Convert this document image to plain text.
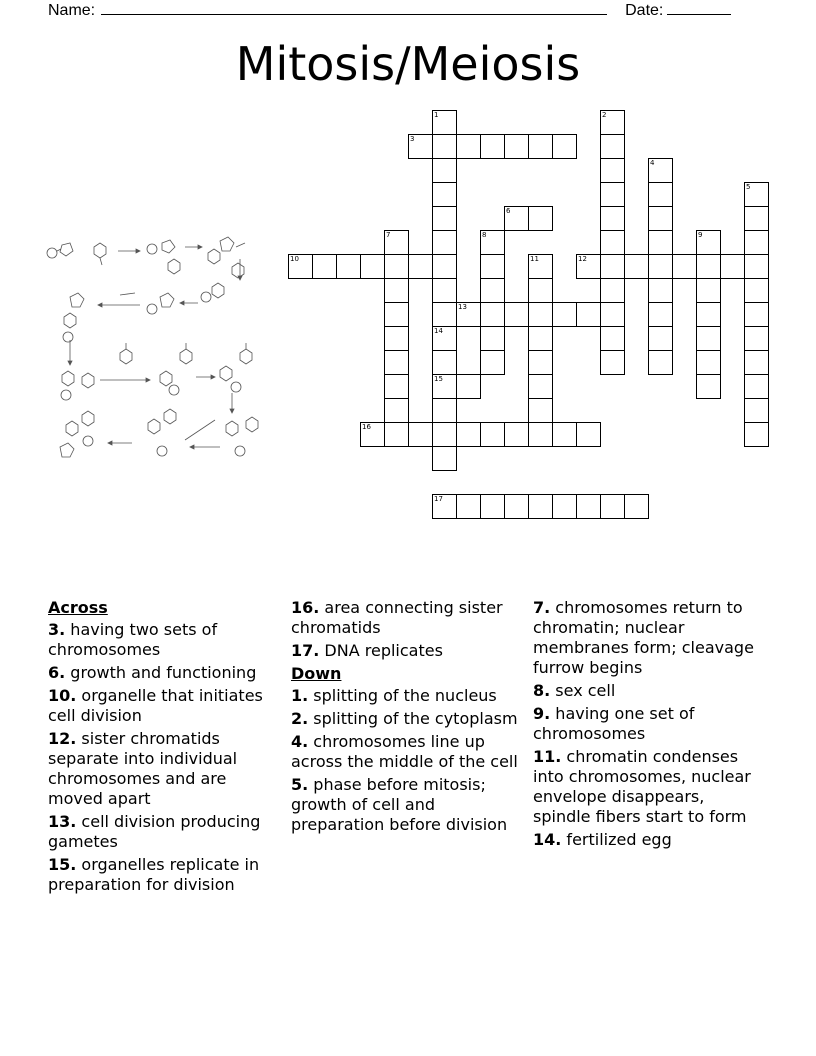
Name:	Date:
Mitosis/Meiosis
1
14
15
2
3
4
5
6
7	8	9
10	11	12
13
16
17
Across
3. having two sets of chromosomes
6. growth and functioning
10. organelle that initiates cell division
12. sister chromatids separate into individual chromosomes and are moved apart
13. cell division producing gametes
15. organelles replicate in preparation for division
16. area connecting sister chromatids
17. DNA replicates
Down
1. splitting of the nucleus
2. splitting of the cytoplasm
4. chromosomes line up across the middle of the cell
5. phase before mitosis; growth of cell and preparation before division
7. chromosomes return to chromatin; nuclear membranes form; cleavage furrow begins
8. sex cell
9. having one set of chromosomes
11. chromatin condenses into chromosomes, nuclear envelope disappears, spindle fibers start to form
14. fertilized egg
